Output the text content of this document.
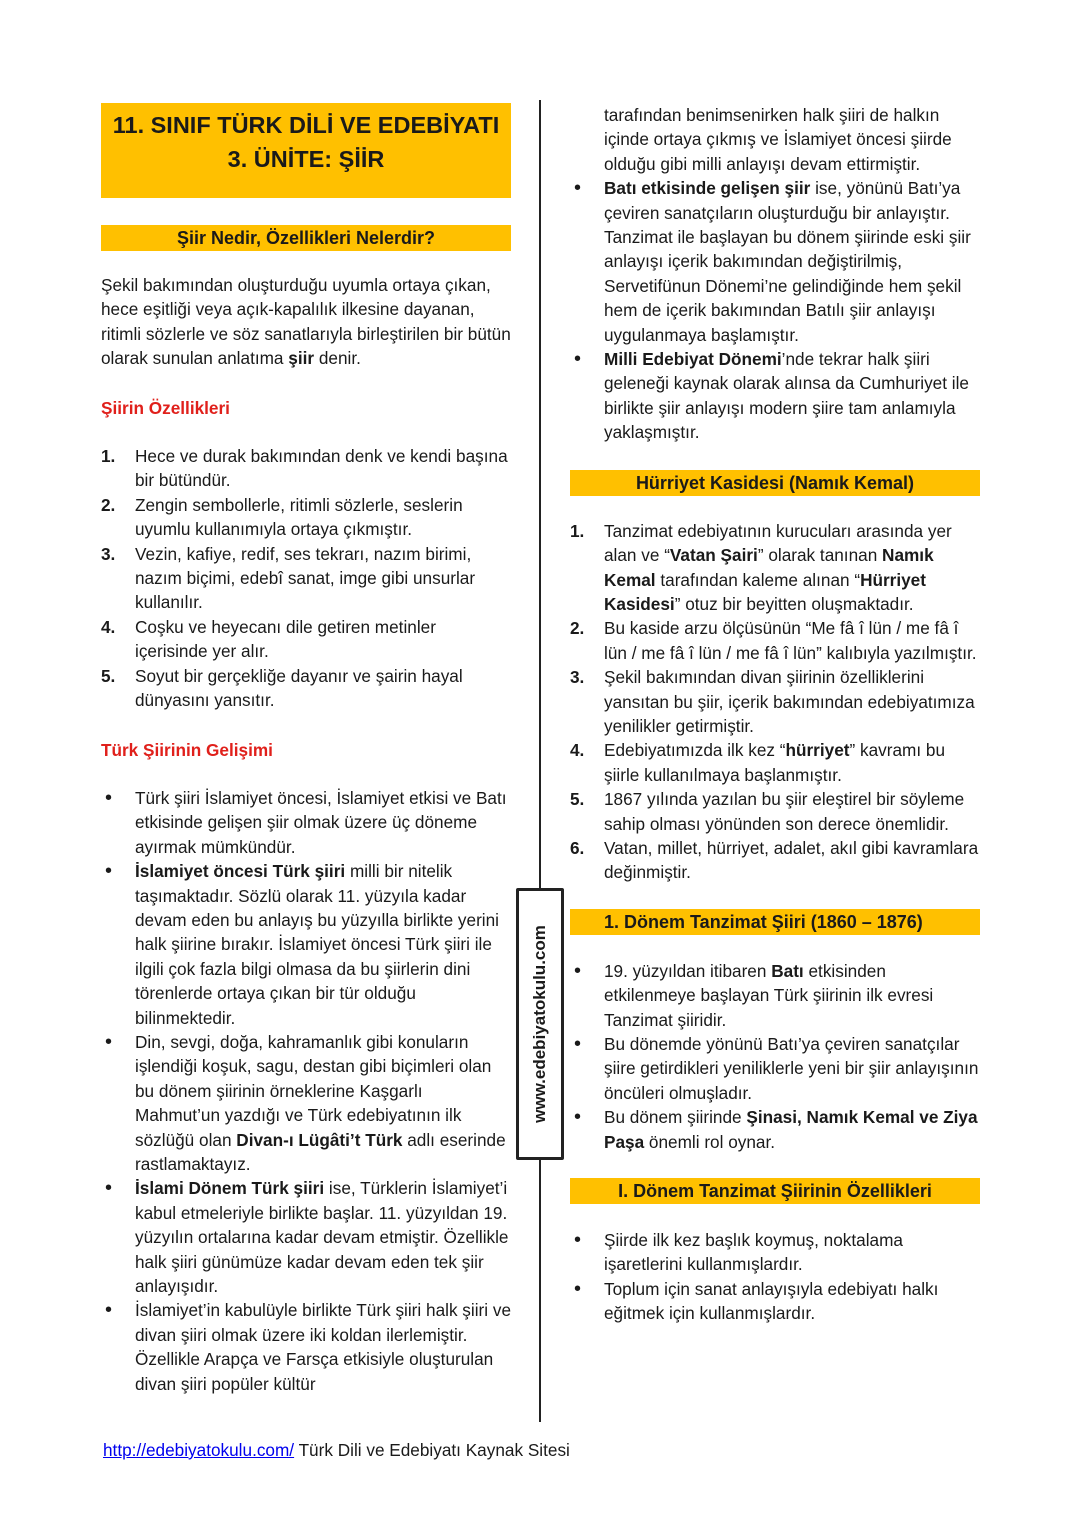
11. SINIF TÜRK DİLİ VE EDEBİYATI
3. ÜNİTE: ŞİİR
Şiir Nedir, Özellikleri Nelerdir?

Şekil bakımından oluşturduğu uyumla ortaya çıkan, hece eşitliği veya açık-kapalılık ilkesine dayanan, ritimli sözlerle ve söz sanatlarıyla birleştirilen bir bütün olarak sunulan anlatıma şiir denir.

Şiirin Özellikleri

1. Hece ve durak bakımından denk ve kendi başına bir bütündür.
2. Zengin sembollerle, ritimli sözlerle, seslerin uyumlu kullanımıyla ortaya çıkmıştır.
3. Vezin, kafiye, redif, ses tekrarı, nazım birimi, nazım biçimi, edebî sanat, imge gibi unsurlar kullanılır.
4. Coşku ve heyecanı dile getiren metinler içerisinde yer alır.
5. Soyut bir gerçekliğe dayanır ve şairin hayal dünyasını yansıtır.

Türk Şiirinin Gelişimi

• Türk şiiri İslamiyet öncesi, İslamiyet etkisi ve Batı etkisinde gelişen şiir olmak üzere üç döneme ayırmak mümkündür.
• İslamiyet öncesi Türk şiiri milli bir nitelik taşımaktadır. Sözlü olarak 11. yüzyıla kadar devam eden bu anlayış bu yüzyılla birlikte yerini halk şiirine bırakır. İslamiyet öncesi Türk şiiri ile ilgili çok fazla bilgi olmasa da bu şiirlerin dini törenlerde ortaya çıkan bir tür olduğu bilinmektedir.
• Din, sevgi, doğa, kahramanlık gibi konuların işlendiği koşuk, sagu, destan gibi biçimleri olan bu dönem şiirinin örneklerine Kaşgarlı Mahmut’un yazdığı ve Türk edebiyatının ilk sözlüğü olan Divan-ı Lügâti’t Türk adlı eserinde rastlamaktayız.
• İslami Dönem Türk şiiri ise, Türklerin İslamiyet’i kabul etmeleriyle birlikte başlar. 11. yüzyıldan 19. yüzyılın ortalarına kadar devam etmiştir. Özellikle halk şiiri günümüze kadar devam eden tek şiir anlayışıdır.
• İslamiyet’in kabulüyle birlikte Türk şiiri halk şiiri ve divan şiiri olmak üzere iki koldan ilerlemiştir. Özellikle Arapça ve Farsça etkisiyle oluşturulan divan şiiri popüler kültür
www.edebiyatokulu.com

tarafından benimsenirken halk şiiri de halkın içinde ortaya çıkmış ve İslamiyet öncesi şiirde olduğu gibi milli anlayışı devam ettirmiştir.

• Batı etkisinde gelişen şiir ise, yönünü Batı’ya çeviren sanatçıların oluşturduğu bir anlayıştır. Tanzimat ile başlayan bu dönem şiirinde eski şiir anlayışı içerik bakımından değiştirilmiş, Servetifünun Dönemi’ne gelindiğinde hem şekil hem de içerik bakımından Batılı şiir anlayışı uygulanmaya başlamıştır.
• Milli Edebiyat Dönemi’nde tekrar halk şiiri geleneği kaynak olarak alınsa da Cumhuriyet ile birlikte şiir anlayışı modern şiire tam anlamıyla yaklaşmıştır.
Hürriyet Kasidesi (Namık Kemal)
1. Tanzimat edebiyatının kurucuları arasında yer alan ve “Vatan Şairi” olarak tanınan Namık Kemal tarafından kaleme alınan “Hürriyet Kasidesi” otuz bir beyitten oluşmaktadır.
2. Bu kaside arzu ölçüsünün “Me fâ î lün / me fâ î lün / me fâ î lün / me fâ î lün” kalıbıyla yazılmıştır.
3. Şekil bakımından divan şiirinin özelliklerini yansıtan bu şiir, içerik bakımından edebiyatımıza yenilikler getirmiştir.
4. Edebiyatımızda ilk kez “hürriyet” kavramı bu şiirle kullanılmaya başlanmıştır.
5. 1867 yılında yazılan bu şiir eleştirel bir söyleme sahip olması yönünden son derece önemlidir.
6. Vatan, millet, hürriyet, adalet, akıl gibi kavramlara değinmiştir.
1. Dönem Tanzimat Şiiri (1860 – 1876)
• 19. yüzyıldan itibaren Batı etkisinden etkilenmeye başlayan Türk şiirinin ilk evresi Tanzimat şiiridir.
• Bu dönemde yönünü Batı’ya çeviren sanatçılar şiire getirdikleri yeniliklerle yeni bir şiir anlayışının öncüleri olmuşladır.
• Bu dönem şiirinde Şinasi, Namık Kemal ve Ziya Paşa önemli rol oynar.
I. Dönem Tanzimat Şiirinin Özellikleri
• Şiirde ilk kez başlık koymuş, noktalama işaretlerini kullanmışlardır.
• Toplum için sanat anlayışıyla edebiyatı halkı eğitmek için kullanmışlardır.
http://edebiyatokulu.com/ Türk Dili ve Edebiyatı Kaynak Sitesi
